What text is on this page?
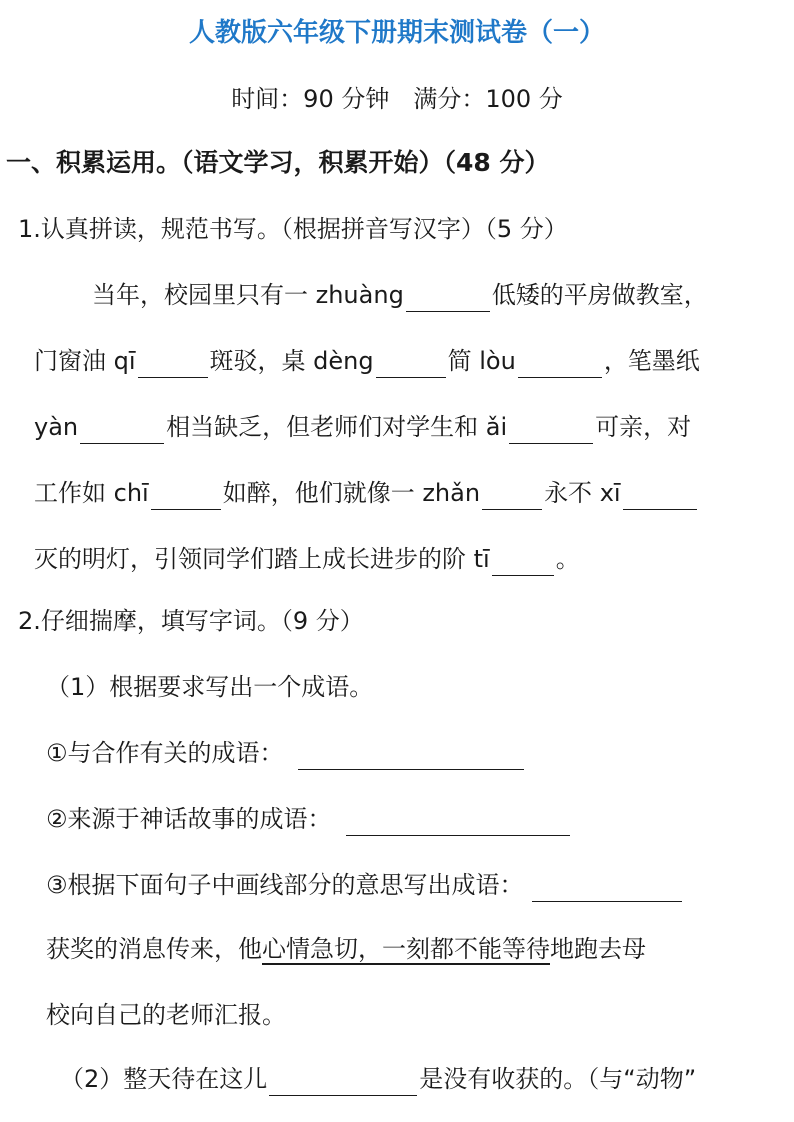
人教版六年级下册期末测试卷（一）
时间：90 分钟　满分：100 分
一、积累运用。（语文学习，积累开始）（48 分）
1.认真拼读，规范书写。（根据拼音写汉字）（5 分）
当年，校园里只有一 zhuàng	低矮的平房做教室，
门窗油 qī	斑驳，桌 dèng	简 lòu	，笔墨纸
yàn	相当缺乏，但老师们对学生和 ǎi	可亲，对
工作如 chī	如醉，他们就像一 zhǎn	永不 xī
灭的明灯，引领同学们踏上成长进步的阶 tī	。
2.仔细揣摩，填写字词。（9 分）
（1）根据要求写出一个成语。
①与合作有关的成语：
②来源于神话故事的成语：
③根据下面句子中画线部分的意思写出成语：
获奖的消息传来，他心情急切，一刻都不能等待地跑去母
校向自己的老师汇报。
（2）整天待在这儿	是没有收获的。（与“动物”
